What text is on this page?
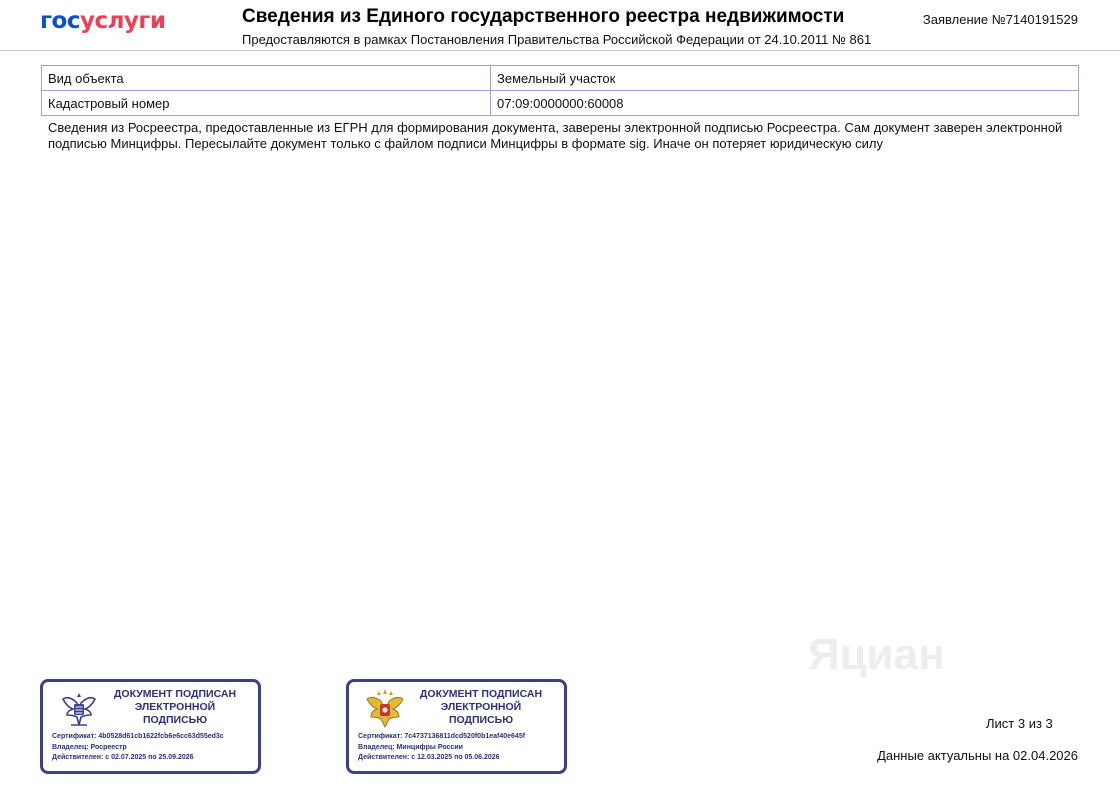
госуслуги	Сведения из Единого государственного реестра недвижимости
Предоставляются в рамках Постановления Правительства Российской Федерации от 24.10.2011 № 861
Заявление №7140191529
Вид объекта	Земельный участок
Кадастровый номер	07:09:0000000:60008
Сведения из Росреестра, предоставленные из ЕГРН для формирования документа, заверены электронной подписью Росреестра. Сам документ заверен электронной подписью Минцифры. Пересылайте документ только с файлом подписи Минцифры в формате sig. Иначе он потеряет юридическую силу
ДОКУМЕНТ ПОДПИСАН
ЭЛЕКТРОННОЙ
ПОДПИСЬЮ
Сертификат: 4b0528d61cb1622fcb6e6cc63d55ed3c
Владелец: Росреестр
Действителен: с 02.07.2025 по 25.09.2026
ДОКУМЕНТ ПОДПИСАН
ЭЛЕКТРОННОЙ
ПОДПИСЬЮ
Сертификат: 7c4737136811dcd520f0b1eaf40e645f
Владелец: Минцифры России
Действителен: с 12.03.2025 по 05.06.2026
Яциан
Лист 3 из 3
Данные актуальны на 02.04.2026
